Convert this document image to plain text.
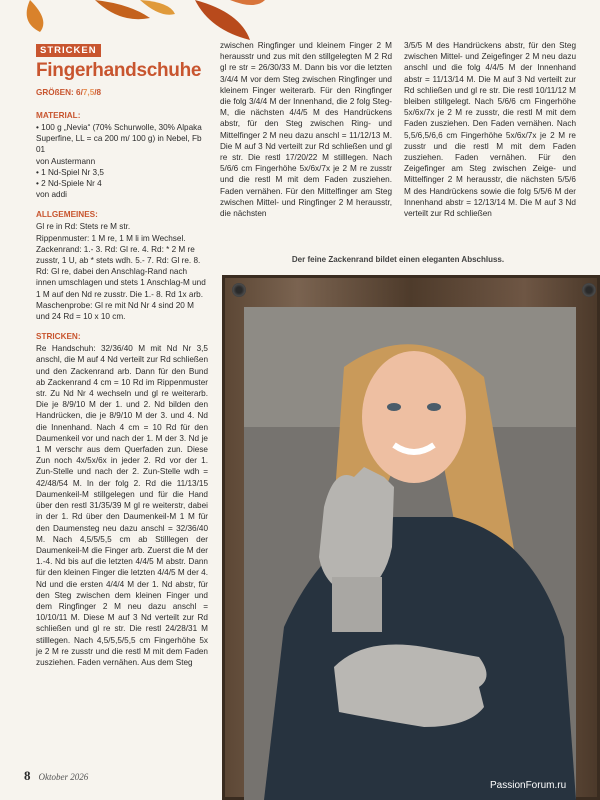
STRICKEN
Fingerhandschuhe
GRÖßEN: 6/7,5/8
MATERIAL:
• 100 g „Nevia“ (70% Schurwolle, 30% Alpaka Superfine, LL = ca 200 m/ 100 g) in Nebel, Fb 01
von Austermann
• 1 Nd-Spiel Nr 3,5
• 2 Nd-Spiele Nr 4
von addi
ALLGEMEINES:
Gl re in Rd: Stets re M str.
Rippenmuster: 1 M re, 1 M li im Wechsel.
Zackenrand: 1.- 3. Rd: Gl re. 4. Rd: * 2 M re zusstr, 1 U, ab * stets wdh. 5.- 7. Rd: Gl re. 8. Rd: Gl re, dabei den Anschlag-Rand nach innen umschlagen und stets 1 Anschlag-M und 1 M auf den Nd re zusstr. Die 1.- 8. Rd 1x arb.
Maschenprobe: Gl re mit Nd Nr 4 sind 20 M und 24 Rd = 10 x 10 cm.
STRICKEN:
Re Handschuh: 32/36/40 M mit Nd Nr 3,5 anschl, die M auf 4 Nd verteilt zur Rd schließen und den Zackenrand arb. Dann für den Bund ab Zackenrand 4 cm = 10 Rd im Rippenmuster str. Zu Nd Nr 4 wechseln und gl re weiterarb. Die je 8/9/10 M der 1. und 2. Nd bilden den Handrücken, die je 8/9/10 M der 3. und 4. Nd die Innenhand. Nach 4 cm = 10 Rd für den Daumenkeil vor und nach der 1. M der 3. Nd je 1 M verschr aus dem Querfaden zun. Diese Zun noch 4x/5x/6x in jeder 2. Rd vor der 1. Zun-Stelle und nach der 2. Zun-Stelle wdh = 42/48/54 M. In der folg 2. Rd die 11/13/15 Daumenkeil-M stillgelegen und für die Hand über den restl 31/35/39 M gl re weiterstr, dabei in der 1. Rd über den Daumenkeil-M 1 M für den Daumensteg neu dazu anschl = 32/36/40 M. Nach 4,5/5/5,5 cm ab Stilllegen der Daumenkeil-M die Finger arb. Zuerst die M der 1.-4. Nd bis auf die letzten 4/4/5 M abstr. Dann für den kleinen Finger die letzten 4/4/5 M der 4. Nd und die ersten 4/4/4 M der 1. Nd abstr, für den Steg zwischen dem kleinen Finger und dem Ringfinger 2 M neu dazu anschl = 10/10/11 M. Diese M auf 3 Nd verteilt zur Rd schließen und gl re str. Die restl 24/28/31 M stilllegen. Nach 4,5/5,5/5,5 cm Fingerhöhe 5x je 2 M re zusstr und die restl M mit dem Faden zusziehen. Faden vernähen. Aus dem Steg
zwischen Ringfinger und kleinem Finger 2 M herausstr und zus mit den stillgelegten M 2 Rd gl re str = 26/30/33 M. Dann bis vor die letzten 3/4/4 M vor dem Steg zwischen Ringfinger und kleinem Finger weiterarb. Für den Ringfinger die folg 3/4/4 M der Innenhand, die 2 folg Steg-M, die nächsten 4/4/5 M des Handrückens abstr, für den Steg zwischen Ring- und Mittelfinger 2 M neu dazu anschl = 11/12/13 M. Die M auf 3 Nd verteilt zur Rd schließen und gl re str. Die restl 17/20/22 M stilllegen. Nach 5/6/6 cm Fingerhöhe 5x/6x/7x je 2 M re zusstr und die restl M mit dem Faden zusziehen. Faden vernähen. Für den Mittelfinger am Steg zwischen Mittel- und Ringfinger 2 M herausstr, die nächsten
3/5/5 M des Handrückens abstr, für den Steg zwischen Mittel- und Zeigefinger 2 M neu dazu anschl und die folg 4/4/5 M der Innenhand abstr = 11/13/14 M. Die M auf 3 Nd verteilt zur Rd schließen und gl re str. Die restl 10/11/12 M bleiben stillgelegt. Nach 5/6/6 cm Fingerhöhe 5x/6x/7x je 2 M re zusstr, die restl M mit dem Faden zusziehen. Den Faden vernähen. Nach 5,5/6,5/6,6 cm Fingerhöhe 5x/6x/7x je 2 M re zusstr und die restl M mit dem Faden zusziehen. Faden vernähen. Für den Zeigefinger am Steg zwischen Zeige- und Mittelfinger 2 M herausstr, die nächsten 5/5/6 M des Handrückens sowie die folg 5/5/6 M der Innenhand abstr = 12/13/14 M. Die M auf 3 Nd verteilt zur Rd schließen
Der feine Zackenrand bildet einen eleganten Abschluss.
8 Oktober 2026
PassionForum.ru
